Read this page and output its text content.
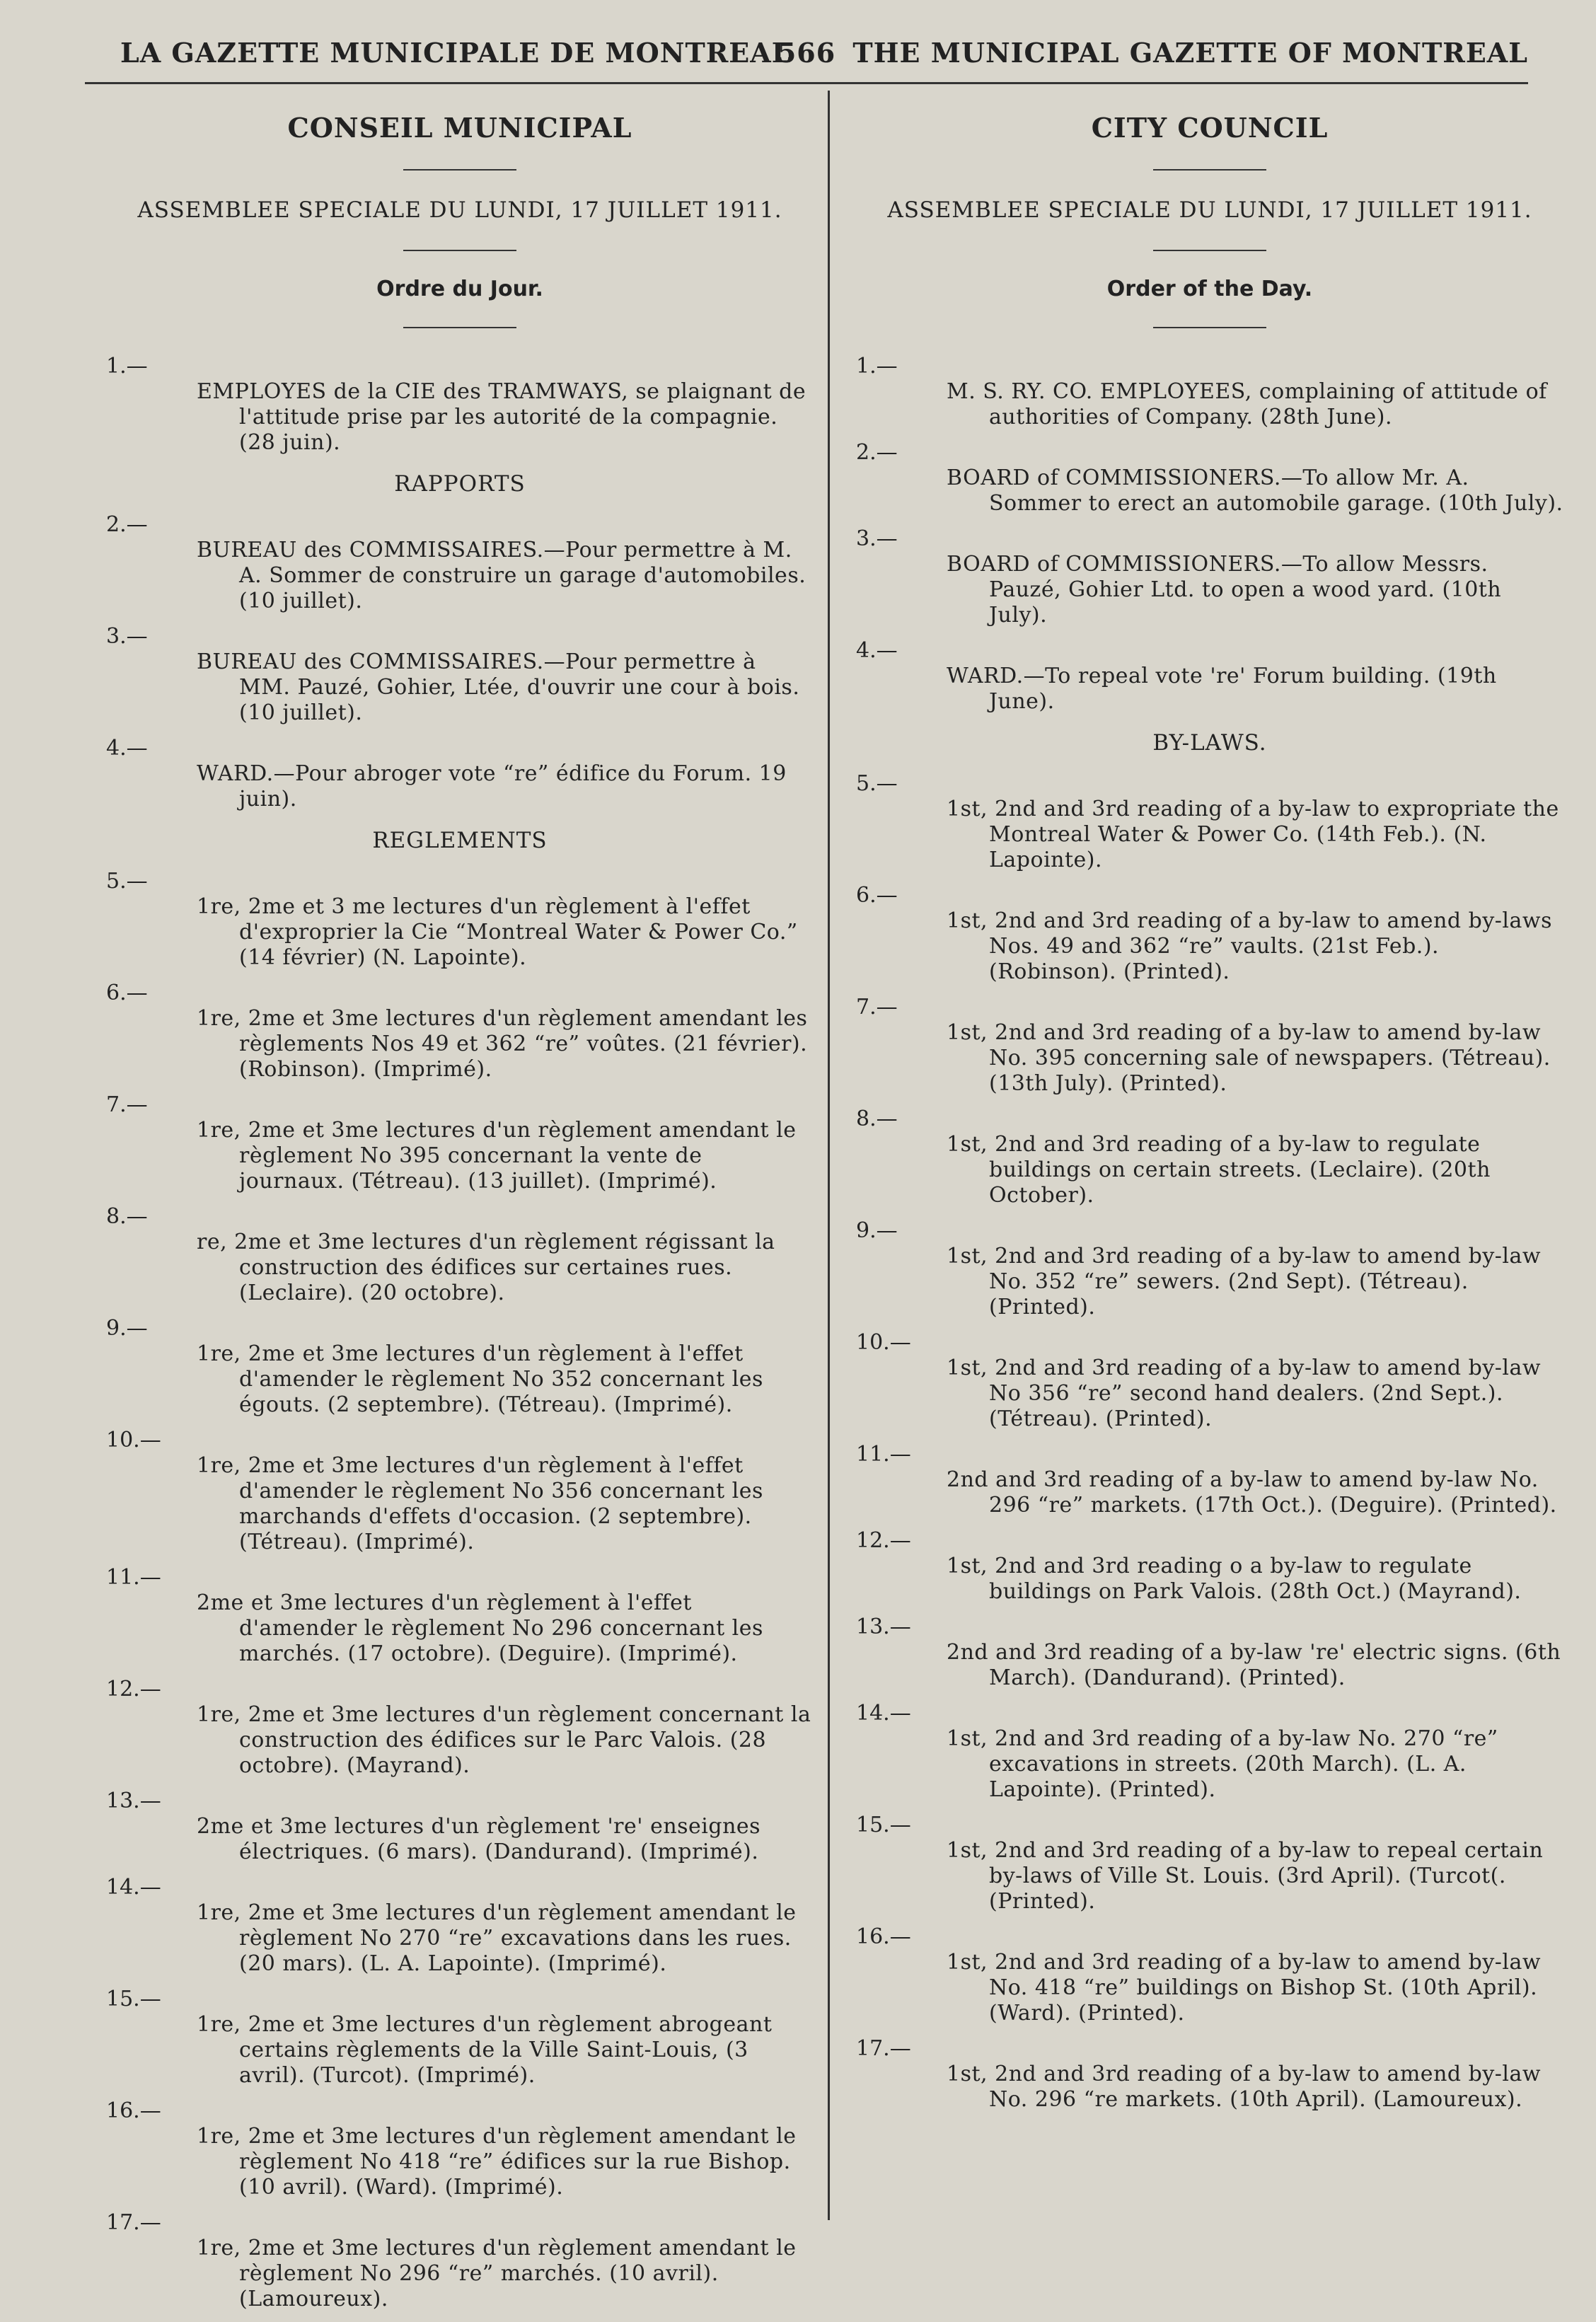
LA GAZETTE MUNICIPALE DE MONTREAL
566 THE MUNICIPAL GAZETTE OF MONTREAL
CONSEIL MUNICIPAL
ASSEMBLEE SPECIALE DU LUNDI, 17 JUILLET 1911.
Ordre du Jour.
1.—
EMPLOYES de la CIE des TRAMWAYS, se plaignant de l'attitude prise par les autorité de la compagnie. (28 juin).
RAPPORTS
2.—
BUREAU des COMMISSAIRES.—Pour permettre à M. A. Sommer de construire un garage d'automobiles. (10 juillet).
3.—
BUREAU des COMMISSAIRES.—Pour permettre à MM. Pauzé, Gohier, Ltée, d'ouvrir une cour à bois. (10 juillet).
4.—
WARD.—Pour abroger vote “re” édifice du Forum. 19 juin).
REGLEMENTS
5.—
1re, 2me et 3 me lectures d'un règlement à l'effet d'exproprier la Cie “Montreal Water & Power Co.” (14 février) (N. Lapointe).
6.—
1re, 2me et 3me lectures d'un règlement amendant les règlements Nos 49 et 362 “re” voûtes. (21 février). (Robinson). (Imprimé).
7.—
1re, 2me et 3me lectures d'un règlement amendant le règlement No 395 concernant la vente de journaux. (Tétreau). (13 juillet). (Imprimé).
8.—
re, 2me et 3me lectures d'un règlement régissant la construction des édifices sur certaines rues. (Leclaire). (20 octobre).
9.—
1re, 2me et 3me lectures d'un règlement à l'effet d'amender le règlement No 352 concernant les égouts. (2 septembre). (Tétreau). (Imprimé).
10.—
1re, 2me et 3me lectures d'un règlement à l'effet d'amender le règlement No 356 concernant les marchands d'effets d'occasion. (2 septembre). (Tétreau). (Imprimé).
11.—
2me et 3me lectures d'un règlement à l'effet d'amender le règlement No 296 concernant les marchés. (17 octobre). (Deguire). (Imprimé).
12.—
1re, 2me et 3me lectures d'un règlement concernant la construction des édifices sur le Parc Valois. (28 octobre). (Mayrand).
13.—
2me et 3me lectures d'un règlement 're' enseignes électriques. (6 mars). (Dandurand). (Imprimé).
14.—
1re, 2me et 3me lectures d'un règlement amendant le règlement No 270 “re” excavations dans les rues. (20 mars). (L. A. Lapointe). (Imprimé).
15.—
1re, 2me et 3me lectures d'un règlement abrogeant certains règlements de la Ville Saint-Louis, (3 avril). (Turcot). (Imprimé).
16.—
1re, 2me et 3me lectures d'un règlement amendant le règlement No 418 “re” édifices sur la rue Bishop. (10 avril). (Ward). (Imprimé).
17.—
1re, 2me et 3me lectures d'un règlement amendant le règlement No 296 “re” marchés. (10 avril). (Lamoureux).
CITY COUNCIL
ASSEMBLEE SPECIALE DU LUNDI, 17 JUILLET 1911.
Order of the Day.
1.—
M. S. RY. CO. EMPLOYEES, complaining of attitude of authorities of Company. (28th June).
2.—
BOARD of COMMISSIONERS.—To allow Mr. A. Sommer to erect an automobile garage. (10th July).
3.—
BOARD of COMMISSIONERS.—To allow Messrs. Pauzé, Gohier Ltd. to open a wood yard. (10th July).
4.—
WARD.—To repeal vote 're' Forum building. (19th June).
BY-LAWS.
5.—
1st, 2nd and 3rd reading of a by-law to expropriate the Montreal Water & Power Co. (14th Feb.). (N. Lapointe).
6.—
1st, 2nd and 3rd reading of a by-law to amend by-laws Nos. 49 and 362 “re” vaults. (21st Feb.). (Robinson). (Printed).
7.—
1st, 2nd and 3rd reading of a by-law to amend by-law No. 395 concerning sale of newspapers. (Tétreau). (13th July). (Printed).
8.—
1st, 2nd and 3rd reading of a by-law to regulate buildings on certain streets. (Leclaire). (20th October).
9.—
1st, 2nd and 3rd reading of a by-law to amend by-law No. 352 “re” sewers. (2nd Sept). (Tétreau). (Printed).
10.—
1st, 2nd and 3rd reading of a by-law to amend by-law No 356 “re” second hand dealers. (2nd Sept.). (Tétreau). (Printed).
11.—
2nd and 3rd reading of a by-law to amend by-law No. 296 “re” markets. (17th Oct.). (Deguire). (Printed).
12.—
1st, 2nd and 3rd reading o a by-law to regulate buildings on Park Valois. (28th Oct.) (Mayrand).
13.—
2nd and 3rd reading of a by-law 're' electric signs. (6th March). (Dandurand). (Printed).
14.—
1st, 2nd and 3rd reading of a by-law No. 270 “re” excavations in streets. (20th March). (L. A. Lapointe). (Printed).
15.—
1st, 2nd and 3rd reading of a by-law to repeal certain by-laws of Ville St. Louis. (3rd April). (Turcot(. (Printed).
16.—
1st, 2nd and 3rd reading of a by-law to amend by-law No. 418 “re” buildings on Bishop St. (10th April). (Ward). (Printed).
17.—
1st, 2nd and 3rd reading of a by-law to amend by-law No. 296 “re markets. (10th April). (Lamoureux).
